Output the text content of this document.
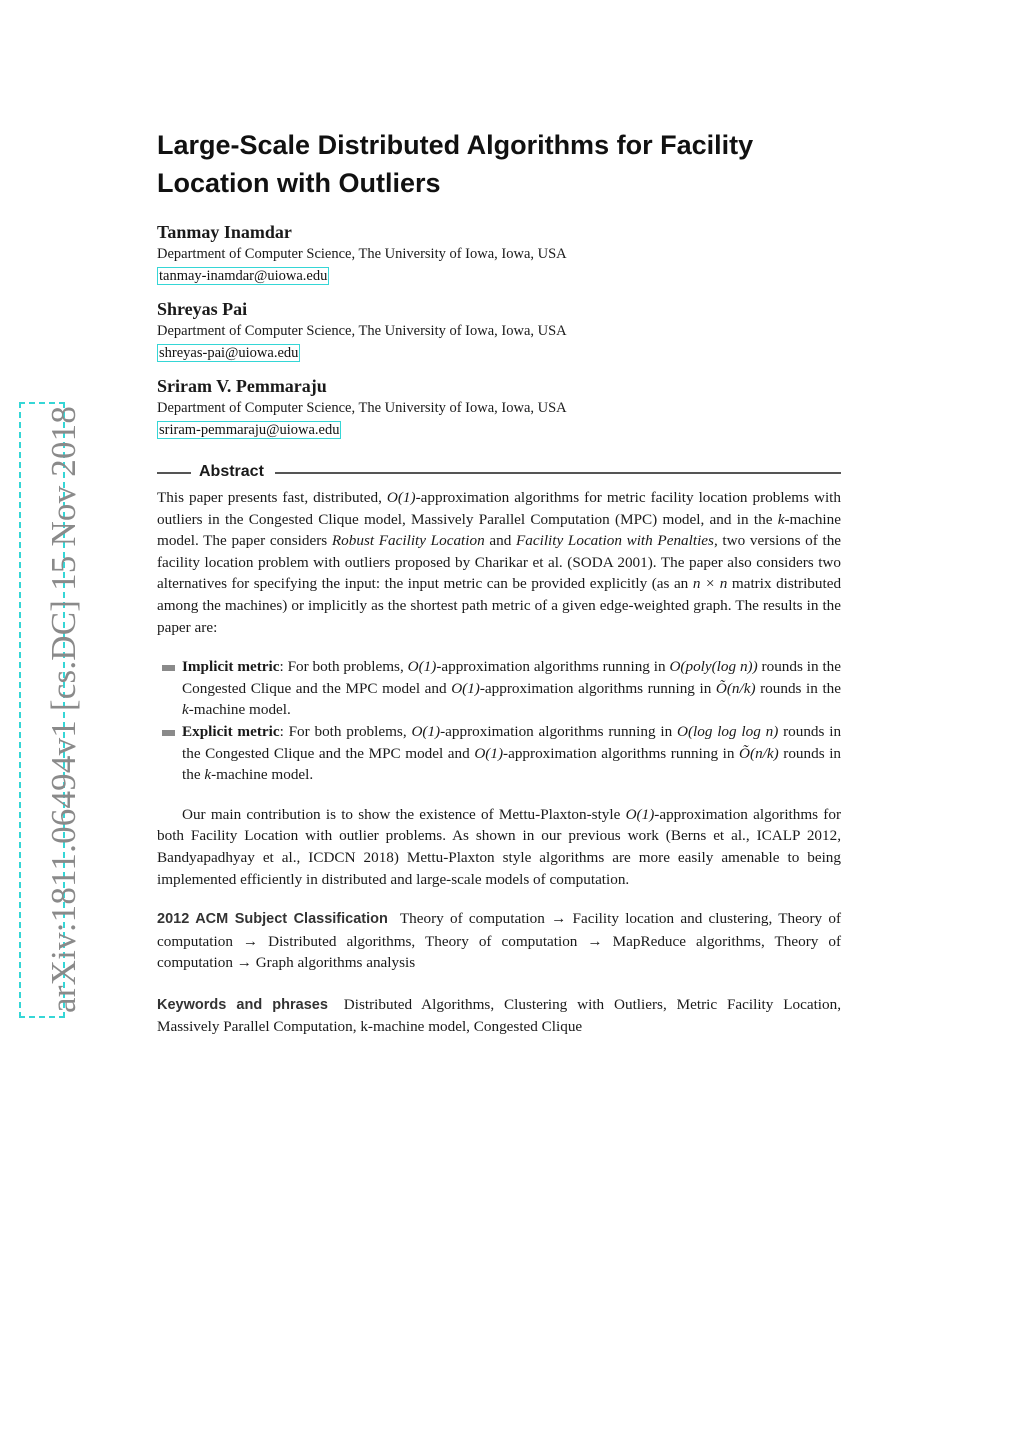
arXiv:1811.06494v1 [cs.DC] 15 Nov 2018
Large-Scale Distributed Algorithms for Facility Location with Outliers
Tanmay Inamdar
Department of Computer Science, The University of Iowa, Iowa, USA
tanmay-inamdar@uiowa.edu
Shreyas Pai
Department of Computer Science, The University of Iowa, Iowa, USA
shreyas-pai@uiowa.edu
Sriram V. Pemmaraju
Department of Computer Science, The University of Iowa, Iowa, USA
sriram-pemmaraju@uiowa.edu
Abstract

This paper presents fast, distributed, O(1)-approximation algorithms for metric facility location problems with outliers in the Congested Clique model, Massively Parallel Computation (MPC) model, and in the k-machine model. The paper considers Robust Facility Location and Facility Location with Penalties, two versions of the facility location problem with outliers proposed by Charikar et al. (SODA 2001). The paper also considers two alternatives for specifying the input: the input metric can be provided explicitly (as an n × n matrix distributed among the machines) or implicitly as the shortest path metric of a given edge-weighted graph. The results in the paper are:

Implicit metric: For both problems, O(1)-approximation algorithms running in O(poly(log n)) rounds in the Congested Clique and the MPC model and O(1)-approximation algorithms running in Õ(n/k) rounds in the k-machine model.
Explicit metric: For both problems, O(1)-approximation algorithms running in O(log log log n) rounds in the Congested Clique and the MPC model and O(1)-approximation algorithms running in Õ(n/k) rounds in the k-machine model.

Our main contribution is to show the existence of Mettu-Plaxton-style O(1)-approximation algorithms for both Facility Location with outlier problems. As shown in our previous work (Berns et al., ICALP 2012, Bandyapadhyay et al., ICDCN 2018) Mettu-Plaxton style algorithms are more easily amenable to being implemented efficiently in distributed and large-scale models of computation.

2012 ACM Subject Classification Theory of computation → Facility location and clustering, Theory of computation → Distributed algorithms, Theory of computation → MapReduce algorithms, Theory of computation → Graph algorithms analysis

Keywords and phrases Distributed Algorithms, Clustering with Outliers, Metric Facility Location, Massively Parallel Computation, k-machine model, Congested Clique
